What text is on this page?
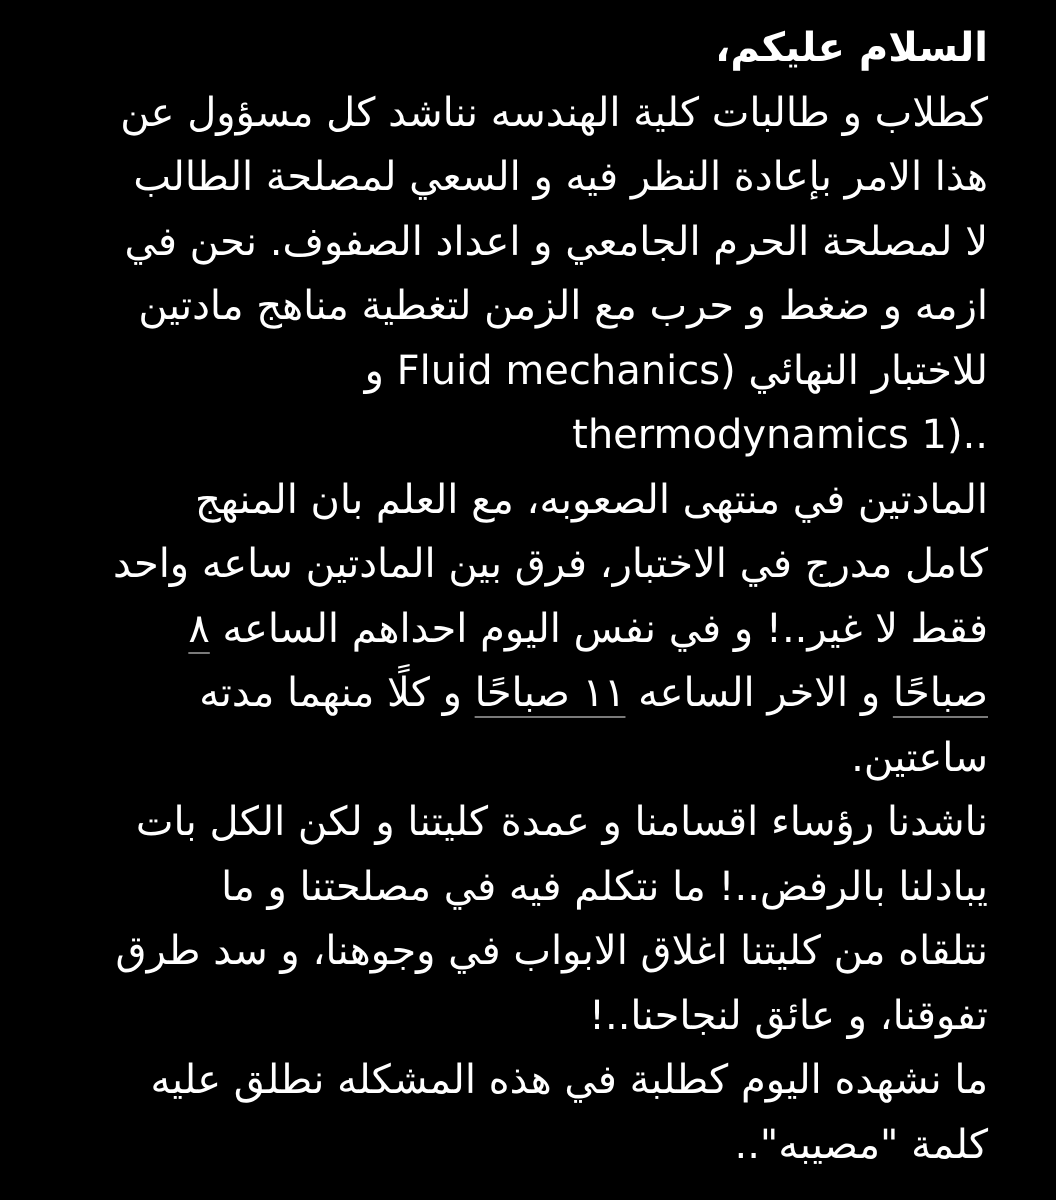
السلام عليكم،
كطلاب و طالبات كلية الهندسه نناشد كل مسؤول عن
هذا الامر بإعادة النظر فيه و السعي لمصلحة الطالب
لا لمصلحة الحرم الجامعي و اعداد الصفوف. نحن في
ازمه و ضغط و حرب مع الزمن لتغطية مناهج مادتين
للاختبار النهائي (Fluid mechanics و
thermodynamics 1)..
المادتين في منتهى الصعوبه، مع العلم بان المنهج
كامل مدرج في الاختبار، فرق بين المادتين ساعه واحد
فقط لا غير..! و في نفس اليوم احداهم الساعه ٨
صباحًا و الاخر الساعه ١١ صباحًا و كلًا منهما مدته
ساعتين.
ناشدنا رؤساء اقسامنا و عمدة كليتنا و لكن الكل بات
يبادلنا بالرفض..! ما نتكلم فيه في مصلحتنا و ما
نتلقاه من كليتنا اغلاق الابواب في وجوهنا، و سد طرق
تفوقنا، و عائق لنجاحنا..!
ما نشهده اليوم كطلبة في هذه المشكله نطلق عليه
كلمة "مصيبه"..
